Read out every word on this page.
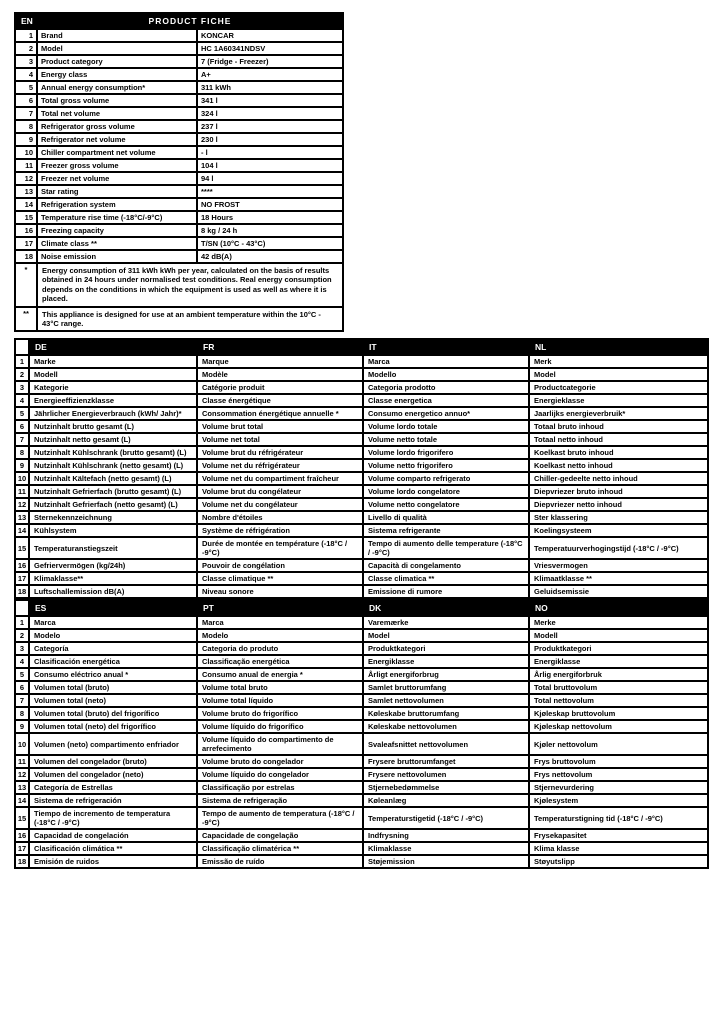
EN	PRODUCT FICHE	
1	Brand	KONCAR
2	Model	HC 1A60341NDSV
3	Product category	7 (Fridge - Freezer)
4	Energy class	A+
5	Annual energy consumption*	311 kWh
6	Total gross volume	341 l
7	Total net volume	324 l
8	Refrigerator gross volume	237 l
9	Refrigerator net volume	230 l
10	Chiller compartment net volume	- l
11	Freezer gross volume	104 l
12	Freezer net volume	94 l
13	Star rating	****
14	Refrigeration system	NO FROST
15	Temperature rise time (-18°C/-9°C)	18 Hours
16	Freezing capacity	8 kg / 24 h
17	Climate class **	T/SN (10°C - 43°C)
18	Noise emission	42 dB(A)
*	Energy consumption of 311 kWh kWh per year, calculated on the basis of results obtained in 24 hours under normalised test conditions. Real energy consumption depends on the conditions in which the equipment is used as well as where it is placed.	
**	This appliance is designed for use at an ambient temperature within the 10°C - 43°C range.	
	DE	FR	IT	NL
1	Marke	Marque	Marca	Merk
2	Modell	Modèle	Modello	Model
3	Kategorie	Catégorie produit	Categoria prodotto	Productcategorie
4	Energieeffizienzklasse	Classe énergétique	Classe energetica	Energieklasse
5	Jährlicher Energieverbrauch (kWh/ Jahr)*	Consommation énergétique annuelle *	Consumo energetico annuo*	Jaarlijks energieverbruik*
6	Nutzinhalt brutto gesamt (L)	Volume brut total	Volume lordo totale	Totaal bruto inhoud
7	Nutzinhalt netto gesamt (L)	Volume net total	Volume netto totale	Totaal netto inhoud
8	Nutzinhalt Kühlschrank (brutto gesamt) (L)	Volume brut du réfrigérateur	Volume lordo frigorifero	Koelkast bruto inhoud
9	Nutzinhalt Kühlschrank (netto gesamt) (L)	Volume net du réfrigérateur	Volume netto frigorifero	Koelkast netto inhoud
10	Nutzinhalt Kältefach (netto gesamt) (L)	Volume net du compartiment fraîcheur	Volume comparto refrigerato	Chiller-gedeelte netto inhoud
11	Nutzinhalt Gefrierfach (brutto gesamt) (L)	Volume brut du congélateur	Volume lordo congelatore	Diepvriezer bruto inhoud
12	Nutzinhalt Gefrierfach (netto gesamt) (L)	Volume net du congélateur	Volume netto congelatore	Diepvriezer netto inhoud
13	Sternekennzeichnung	Nombre d'étoiles	Livello di qualità	Ster klassering
14	Kühlsystem	Système de réfrigération	Sistema refrigerante	Koelingsysteem
15	Temperaturanstiegszeit	Durée de montée en température (-18°C / -9°C)	Tempo di aumento delle temperature (-18°C / -9°C)	Temperatuurverhogingstijd (-18°C / -9°C)
16	Gefriervermögen (kg/24h)	Pouvoir de congélation	Capacità di congelamento	Vriesvermogen
17	Klimaklasse**	Classe climatique **	Classe climatica **	Klimaatklasse **
18	Luftschallemission dB(A)	Niveau sonore	Emissione di rumore	Geluidsemissie
	ES	PT	DK	NO
1	Marca	Marca	Varemærke	Merke
2	Modelo	Modelo	Model	Modell
3	Categoría	Categoria do produto	Produktkategori	Produktkategori
4	Clasificación energética	Classificação energética	Energiklasse	Energiklasse
5	Consumo eléctrico anual *	Consumo anual de energia *	Årligt energiforbrug	Årlig energiforbruk
6	Volumen total (bruto)	Volume total bruto	Samlet bruttorumfang	Total bruttovolum
7	Volumen total (neto)	Volume total líquido	Samlet nettovolumen	Total nettovolum
8	Volumen total (bruto) del frigorífico	Volume bruto do frigorífico	Køleskabe bruttorumfang	Kjøleskap bruttovolum
9	Volumen total (neto) del frigorífico	Volume líquido do frigorífico	Køleskabe nettovolumen	Kjøleskap nettovolum
10	Volumen (neto) compartimento enfriador	Volume líquido do compartimento de arrefecimento	Svaleafsnittet nettovolumen	Kjøler nettovolum
11	Volumen del congelador (bruto)	Volume bruto do congelador	Frysere bruttorumfanget	Frys bruttovolum
12	Volumen del congelador (neto)	Volume líquido do congelador	Frysere nettovolumen	Frys nettovolum
13	Categoría de Estrellas	Classificação por estrelas	Stjernebedømmelse	Stjernevurdering
14	Sistema de refrigeración	Sistema de refrigeração	Køleanlæg	Kjølesystem
15	Tiempo de incremento de temperatura (-18°C / -9°C)	Tempo de aumento de temperatura (-18°C / -9°C)	Temperaturstigetid (-18°C / -9°C)	Temperaturstigning tid (-18°C / -9°C)
16	Capacidad de congelación	Capacidade de congelação	Indfrysning	Frysekapasitet
17	Clasificación climática **	Classificação climatérica **	Klimaklasse	Klima klasse
18	Emisión de ruidos	Emissão de ruído	Støjemission	Støyutslipp
